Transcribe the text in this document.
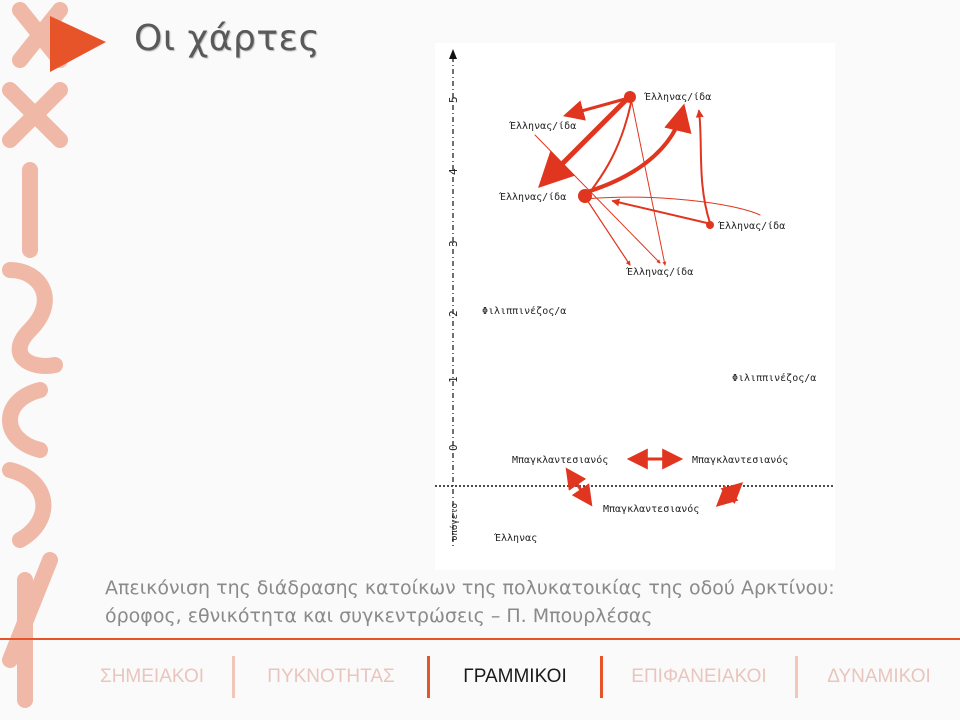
Οι χάρτες
5
4
3
2
1
0
υπόγειο
Έλληνας/ίδα
Έλληνας/ίδα
Έλληνας/ίδα
Έλληνας/ίδα
Έλληνας/ίδα
Φιλιππινέζος/α
Φιλιππινέζος/α
Μπαγκλαντεσιανός	Μπαγκλαντεσιανός
Μπαγκλαντεσιανός
Έλληνας
Απεικόνιση της διάδρασης κατοίκων της πολυκατοικίας της οδού Αρκτίνου:
όροφος, εθνικότητα και συγκεντρώσεις – Π. Μπουρλέσας
ΣΗΜΕΙΑΚΟΙ	ΠΥΚΝΟΤΗΤΑΣ	ΓΡΑΜΜΙΚΟΙ	ΕΠΙΦΑΝΕΙΑΚΟΙ	ΔΥΝΑΜΙΚΟΙ
